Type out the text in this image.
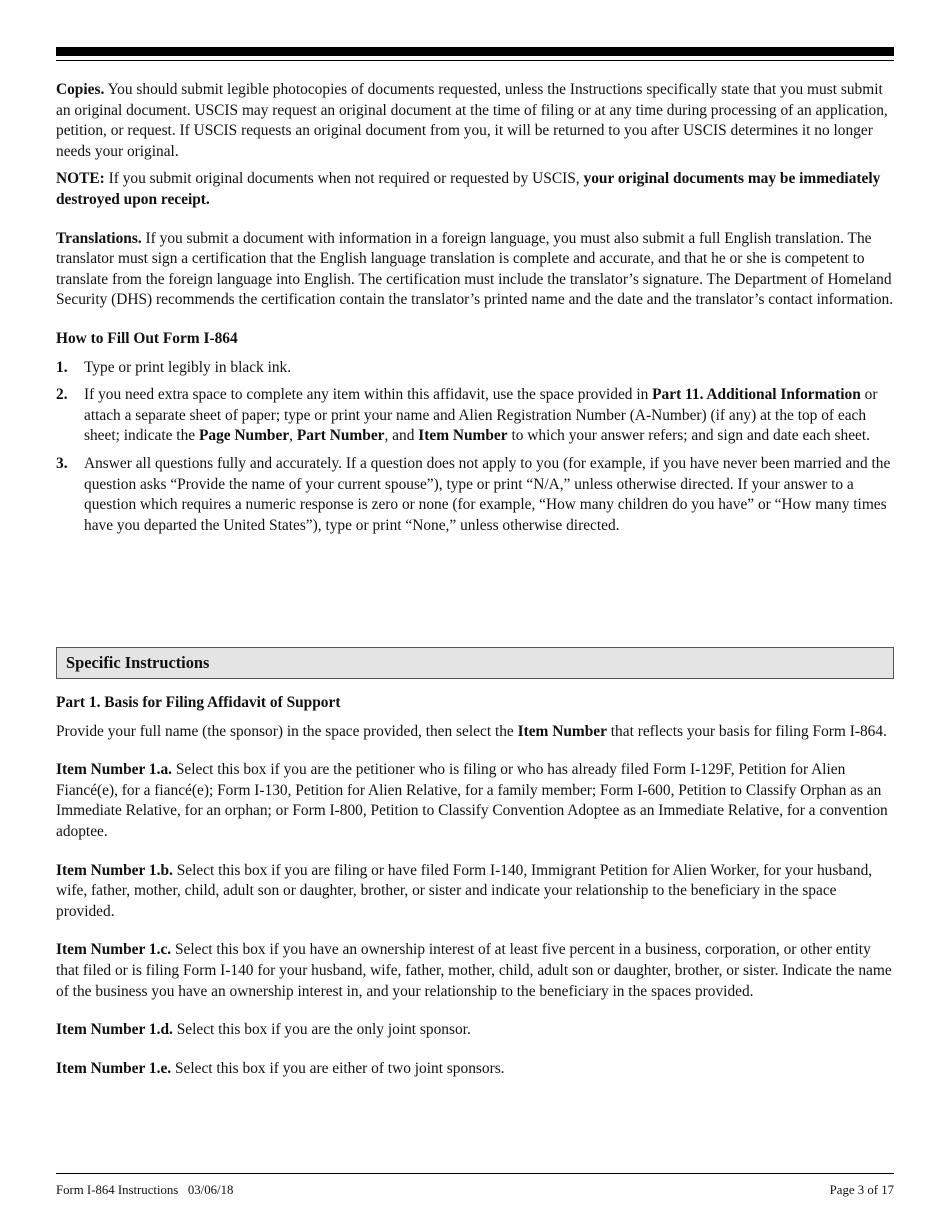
Copies. You should submit legible photocopies of documents requested, unless the Instructions specifically state that you must submit an original document. USCIS may request an original document at the time of filing or at any time during processing of an application, petition, or request. If USCIS requests an original document from you, it will be returned to you after USCIS determines it no longer needs your original.

NOTE: If you submit original documents when not required or requested by USCIS, your original documents may be immediately destroyed upon receipt.

Translations. If you submit a document with information in a foreign language, you must also submit a full English translation. The translator must sign a certification that the English language translation is complete and accurate, and that he or she is competent to translate from the foreign language into English. The certification must include the translator’s signature. The Department of Homeland Security (DHS) recommends the certification contain the translator’s printed name and the date and the translator’s contact information.

How to Fill Out Form I-864
1. Type or print legibly in black ink.
2. If you need extra space to complete any item within this affidavit, use the space provided in Part 11. Additional Information or attach a separate sheet of paper; type or print your name and Alien Registration Number (A-Number) (if any) at the top of each sheet; indicate the Page Number, Part Number, and Item Number to which your answer refers; and sign and date each sheet.
3. Answer all questions fully and accurately. If a question does not apply to you (for example, if you have never been married and the question asks “Provide the name of your current spouse”), type or print “N/A,” unless otherwise directed. If your answer to a question which requires a numeric response is zero or none (for example, “How many children do you have” or “How many times have you departed the United States”), type or print “None,” unless otherwise directed.
Specific Instructions
Part 1. Basis for Filing Affidavit of Support

Provide your full name (the sponsor) in the space provided, then select the Item Number that reflects your basis for filing Form I-864.

Item Number 1.a. Select this box if you are the petitioner who is filing or who has already filed Form I-129F, Petition for Alien Fiancé(e), for a fiancé(e); Form I-130, Petition for Alien Relative, for a family member; Form I-600, Petition to Classify Orphan as an Immediate Relative, for an orphan; or Form I-800, Petition to Classify Convention Adoptee as an Immediate Relative, for a convention adoptee.

Item Number 1.b. Select this box if you are filing or have filed Form I-140, Immigrant Petition for Alien Worker, for your husband, wife, father, mother, child, adult son or daughter, brother, or sister and indicate your relationship to the beneficiary in the space provided.

Item Number 1.c. Select this box if you have an ownership interest of at least five percent in a business, corporation, or other entity that filed or is filing Form I-140 for your husband, wife, father, mother, child, adult son or daughter, brother, or sister. Indicate the name of the business you have an ownership interest in, and your relationship to the beneficiary in the spaces provided.

Item Number 1.d. Select this box if you are the only joint sponsor.

Item Number 1.e. Select this box if you are either of two joint sponsors.

Form I-864 Instructions   03/06/18	Page 3 of 17
